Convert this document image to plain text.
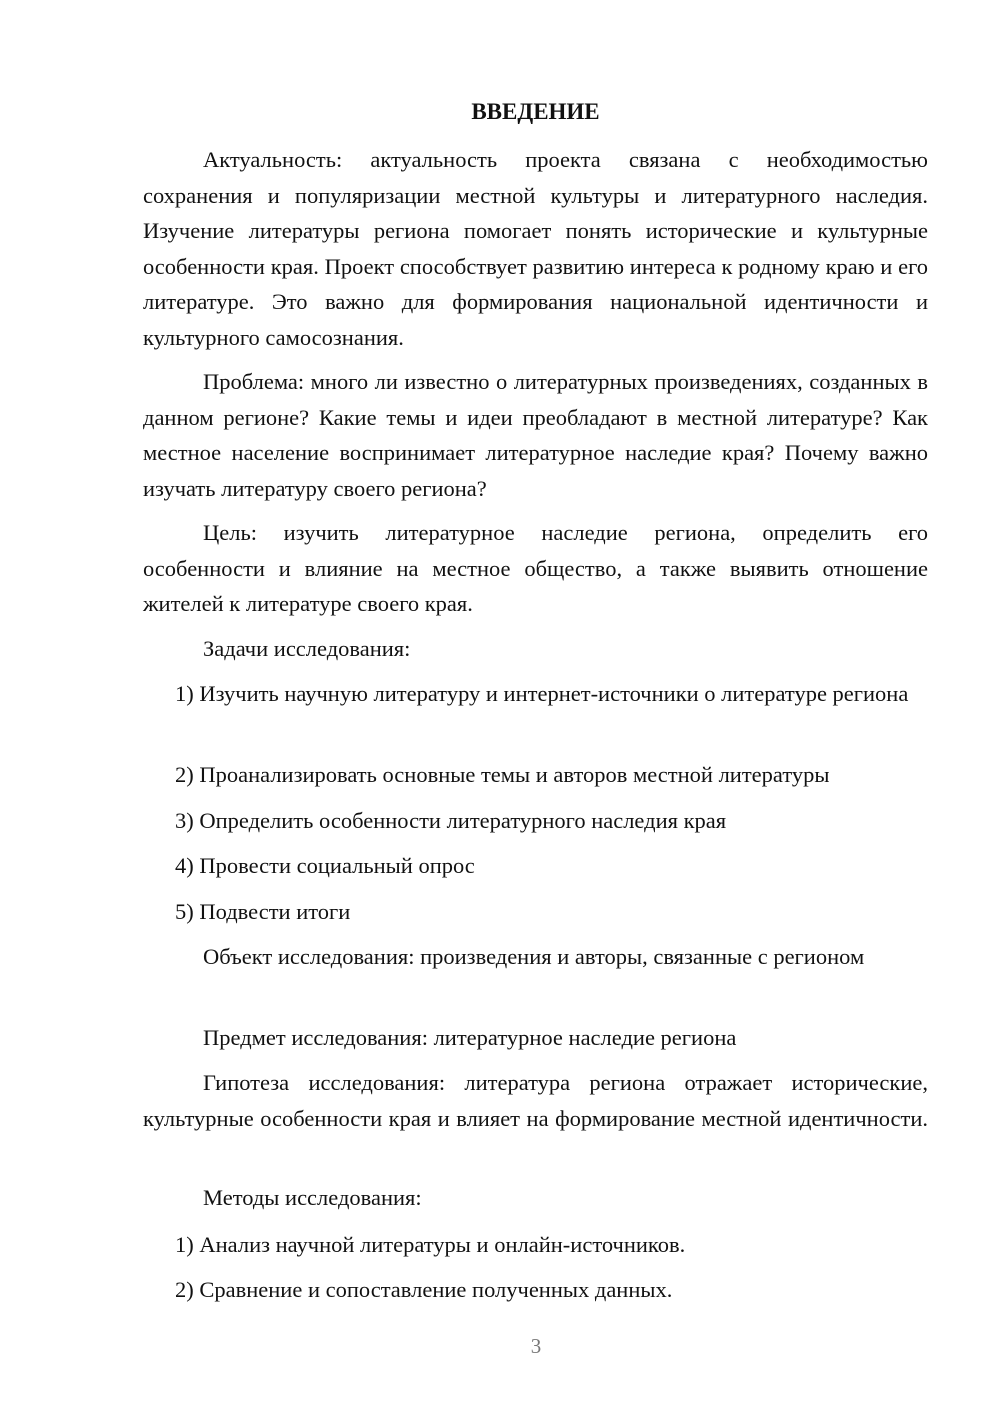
ВВЕДЕНИЕ

Актуальность: актуальность проекта связана с необходимостью сохранения и популяризации местной культуры и литературного наследия. Изучение литературы региона помогает понять исторические и культурные особенности края. Проект способствует развитию интереса к родному краю и его литературе. Это важно для формирования национальной идентичности и культурного самосознания.

Проблема: много ли известно о литературных произведениях, созданных в данном регионе? Какие темы и идеи преобладают в местной литературе? Как местное население воспринимает литературное наследие края? Почему важно изучать литературу своего региона?

Цель: изучить литературное наследие региона, определить его особенности и влияние на местное общество, а также выявить отношение жителей к литературе своего края.

Задачи исследования:

1) Изучить научную литературу и интернет-источники о литературе региона

2) Проанализировать основные темы и авторов местной литературы

3) Определить особенности литературного наследия края

4) Провести социальный опрос

5) Подвести итоги

Объект исследования: произведения и авторы, связанные с регионом

Предмет исследования: литературное наследие региона

Гипотеза исследования: литература региона отражает исторические, культурные особенности края и влияет на формирование местной идентичности.

Методы исследования:

1) Анализ научной литературы и онлайн-источников.

2) Сравнение и сопоставление полученных данных.

3
